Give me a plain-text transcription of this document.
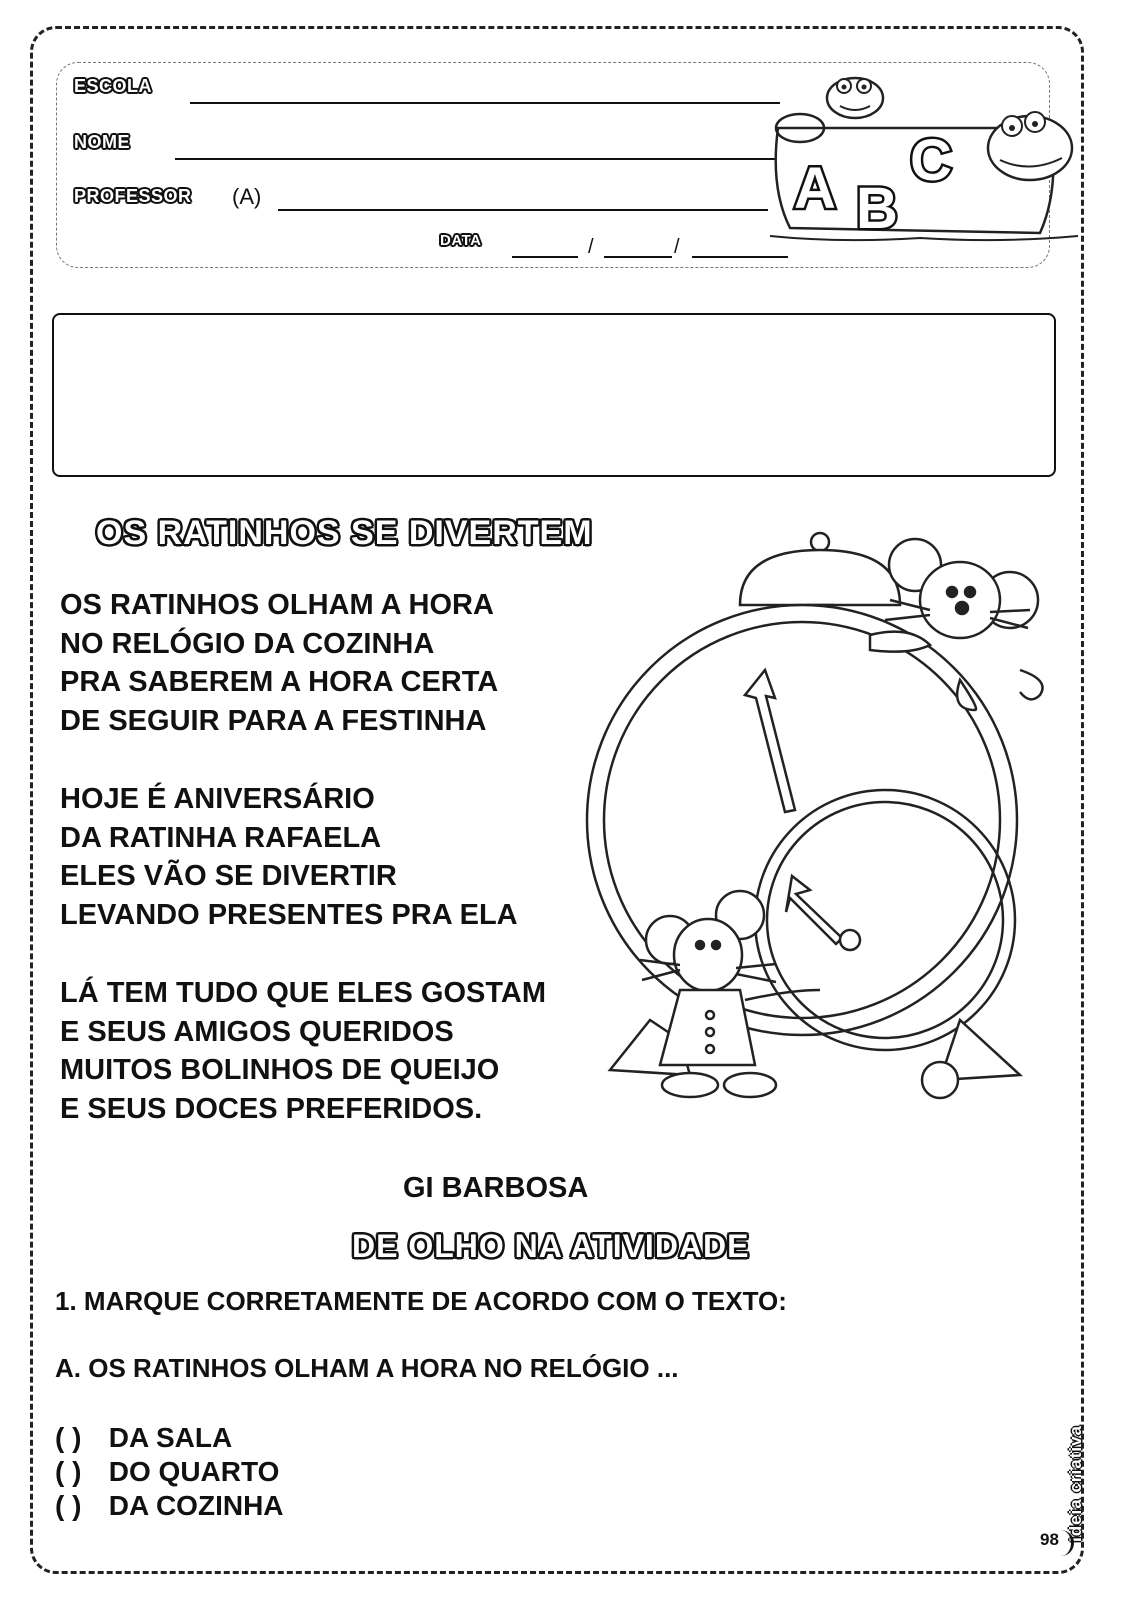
ESCOLA
NOME
PROFESSOR (A)
DATA	/	/
A B
C
OS RATINHOS SE DIVERTEM
OS RATINHOS OLHAM A HORA
NO RELÓGIO DA COZINHA
PRA SABEREM A HORA CERTA
DE SEGUIR PARA A FESTINHA
HOJE É ANIVERSÁRIO
DA RATINHA RAFAELA
ELES VÃO SE DIVERTIR
LEVANDO PRESENTES PRA ELA
LÁ TEM TUDO QUE ELES GOSTAM
E SEUS AMIGOS QUERIDOS
MUITOS BOLINHOS DE QUEIJO
E SEUS DOCES PREFERIDOS.
GI BARBOSA
DE OLHO NA ATIVIDADE
1. MARQUE CORRETAMENTE DE ACORDO COM O TEXTO:
A. OS RATINHOS OLHAM A HORA NO RELÓGIO ...
( ) DA SALA
( ) DO QUARTO
( ) DA COZINHA	Ideia criativa
98
